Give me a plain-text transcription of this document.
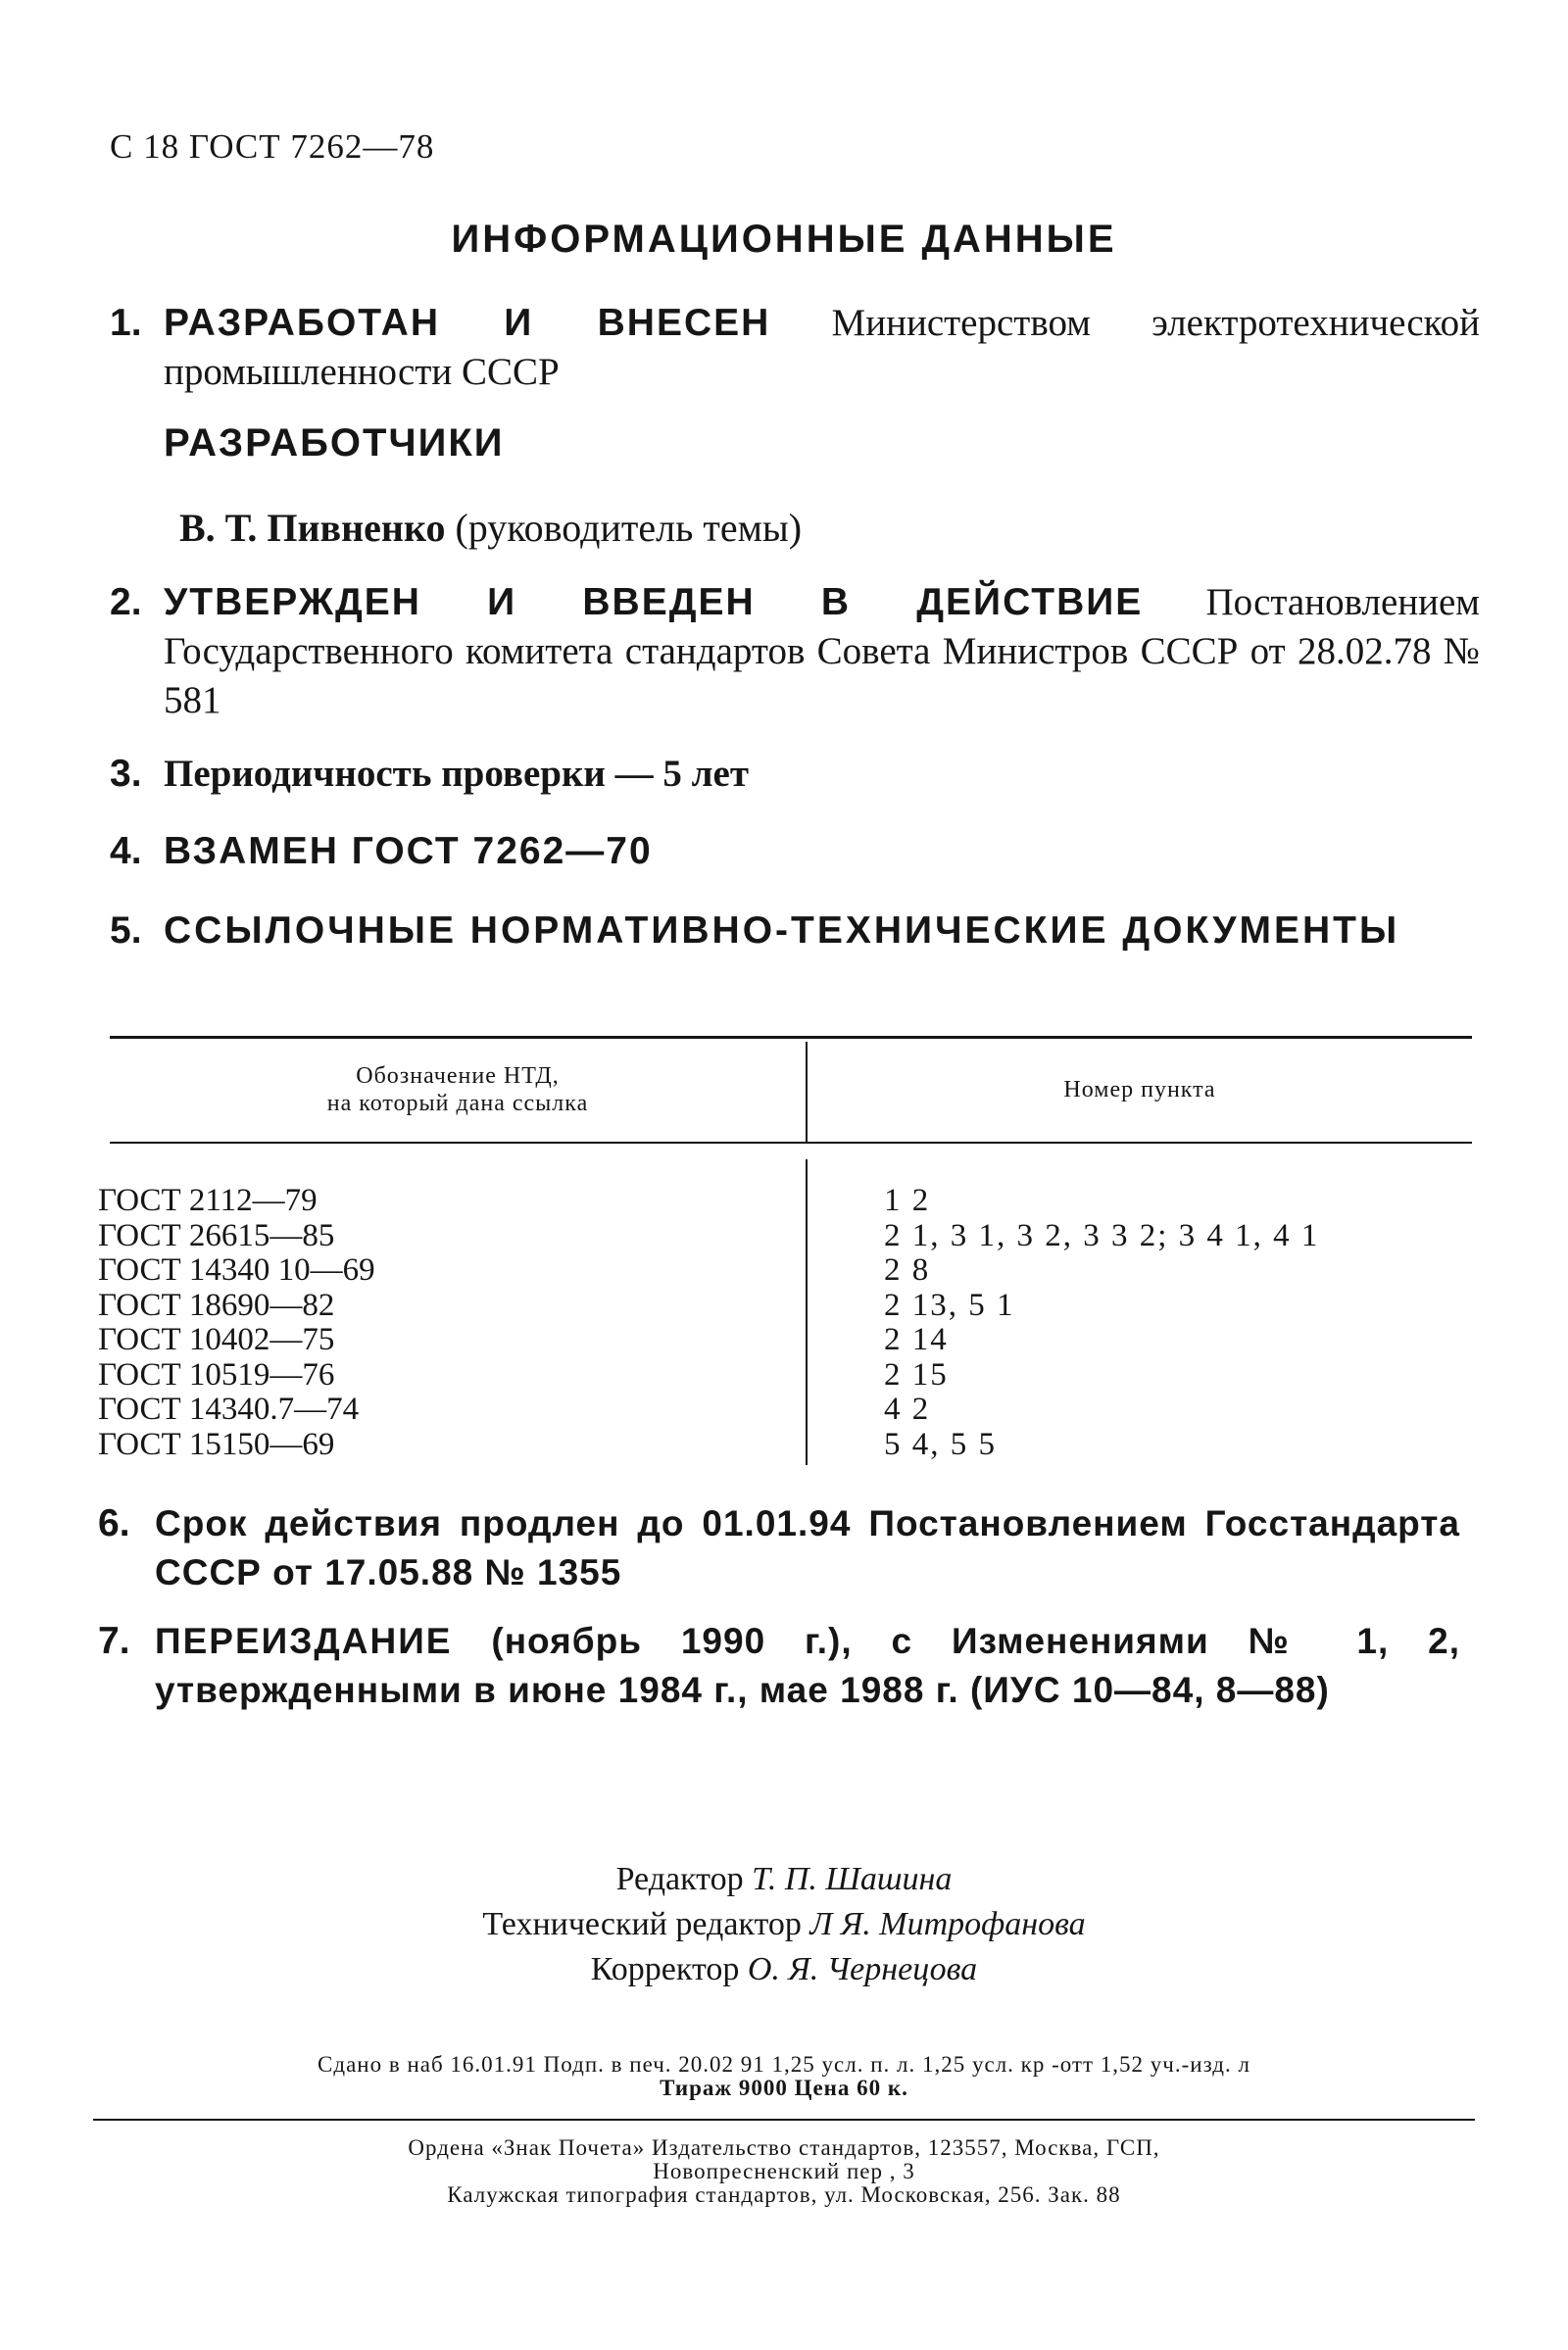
С 18 ГОСТ 7262—78
ИНФОРМАЦИОННЫЕ ДАННЫЕ
1. РАЗРАБОТАН И ВНЕСЕН Министерством электротехнической промышленности СССР
РАЗРАБОТЧИКИ
В. Т. Пивненко (руководитель темы)
2. УТВЕРЖДЕН И ВВЕДЕН В ДЕЙСТВИЕ Постановлением Государственного комитета стандартов Совета Министров СССР от 28.02.78 № 581
3. Периодичность проверки — 5 лет
4. ВЗАМЕН ГОСТ 7262—70
5. ССЫЛОЧНЫЕ НОРМАТИВНО-ТЕХНИЧЕСКИЕ ДОКУМЕНТЫ
Обозначение НТД,
на который дана ссылка
Номер пункта
ГОСТ 2112—79
ГОСТ 26615—85
ГОСТ 14340 10—69
ГОСТ 18690—82
ГОСТ 10402—75
ГОСТ 10519—76
ГОСТ 14340.7—74
ГОСТ 15150—69
1 2
2 1, 3 1, 3 2, 3 3 2; 3 4 1, 4 1
2 8
2 13, 5 1
2 14
2 15
4 2
5 4, 5 5
6. Срок действия продлен до 01.01.94 Постановлением Госстандарта СССР от 17.05.88 № 1355
7. ПЕРЕИЗДАНИЕ (ноябрь 1990 г.), с Изменениями № 1, 2, утвержденными в июне 1984 г., мае 1988 г. (ИУС 10—84, 8—88)
Редактор Т. П. Шашина
Технический редактор Л Я. Митрофанова
Корректор О. Я. Чернецова
Сдано в наб 16.01.91 Подп. в печ. 20.02 91 1,25 усл. п. л. 1,25 усл. кр -отт 1,52 уч.-изд. л
Тираж 9000 Цена 60 к.
Ордена «Знак Почета» Издательство стандартов, 123557, Москва, ГСП,
Новопресненский пер , 3
Калужская типография стандартов, ул. Московская, 256. Зак. 88
